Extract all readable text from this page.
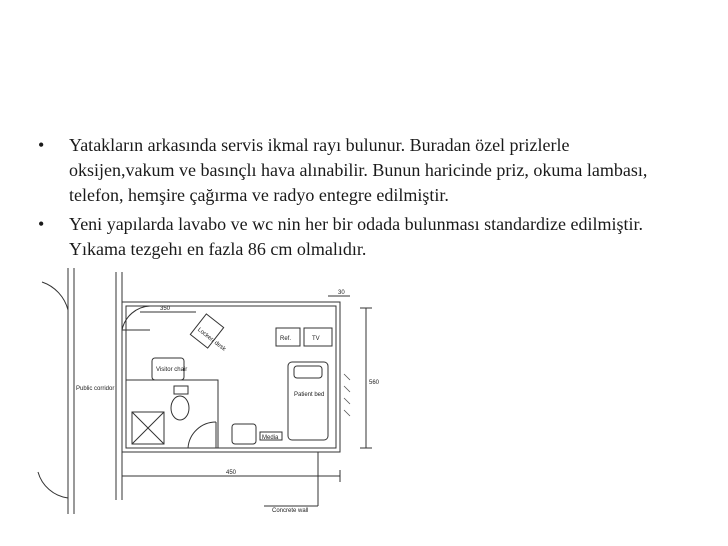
•	Yatakların arkasında servis ikmal rayı bulunur. Buradan özel prizlerle oksijen,vakum ve basınçlı hava alınabilir. Bunun haricinde priz, okuma lambası, telefon, hemşire çağırma ve radyo entegre edilmiştir.
•	Yeni yapılarda lavabo ve wc nin her bir odada bulunması standardize edilmiştir. Yıkama tezgehı en fazla 86 cm olmalıdır.
350
30
450
560
Locker/ desk	Ref.	TV
Visitor chair
Patient bed
Media
Public corridor
Concrete wall
